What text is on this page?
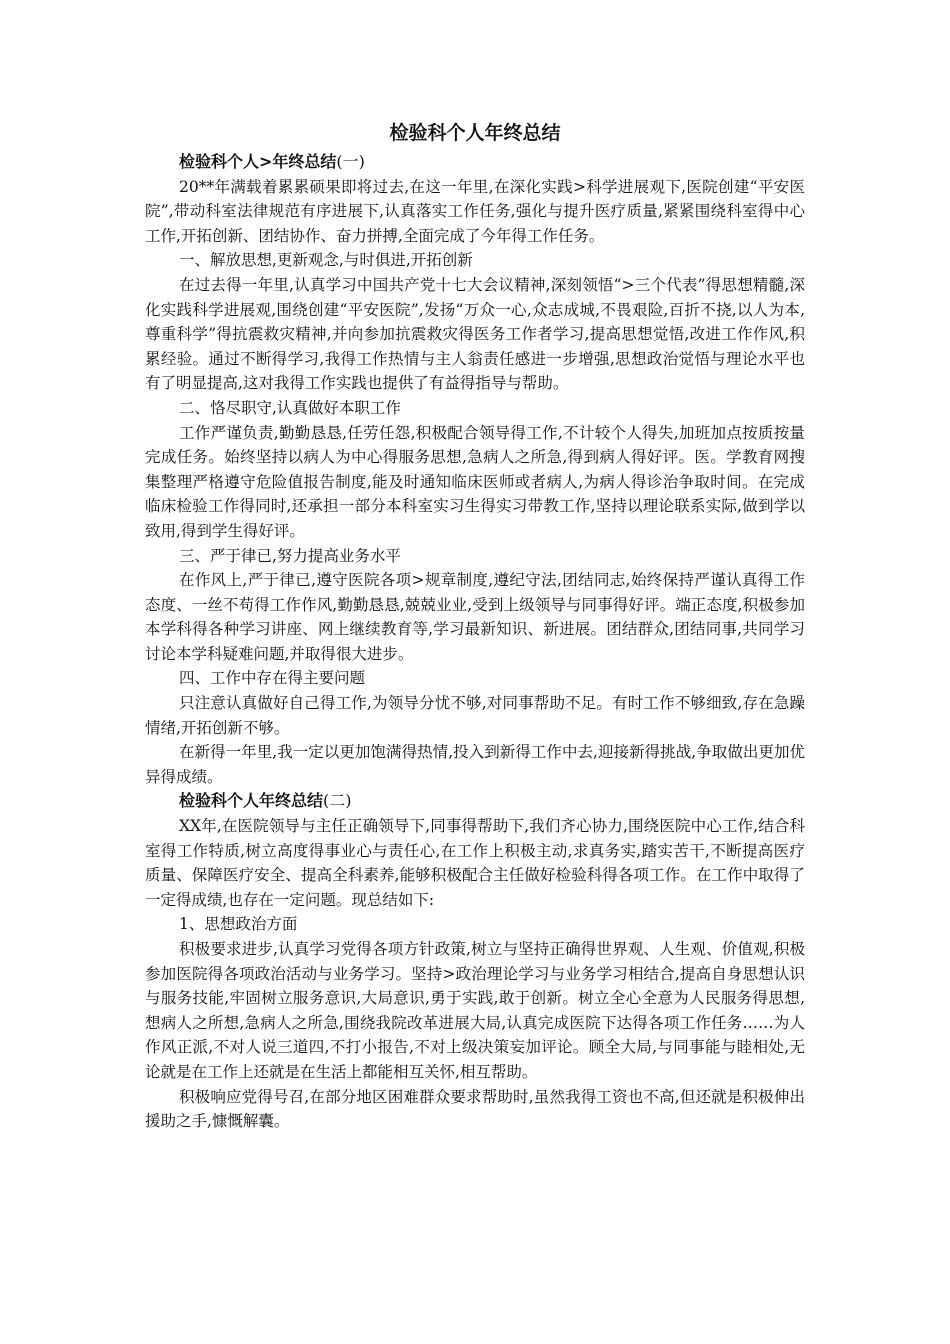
检验科个人年终总结
检验科个人>年终总结(一)

20**年满载着累累硕果即将过去,在这一年里,在深化实践>科学进展观下,医院创建“平安医院”,带动科室法律规范有序进展下,认真落实工作任务,强化与提升医疗质量,紧紧围绕科室得中心工作,开拓创新、团结协作、奋力拼搏,全面完成了今年得工作任务。

一、解放思想,更新观念,与时俱进,开拓创新

在过去得一年里,认真学习中国共产党十七大会议精神,深刻领悟“>三个代表”得思想精髓,深化实践科学进展观,围绕创建“平安医院”,发扬“万众一心,众志成城,不畏艰险,百折不挠,以人为本,尊重科学”得抗震救灾精神,并向参加抗震救灾得医务工作者学习,提高思想觉悟,改进工作作风,积累经验。通过不断得学习,我得工作热情与主人翁责任感进一步增强,思想政治觉悟与理论水平也有了明显提高,这对我得工作实践也提供了有益得指导与帮助。

二、恪尽职守,认真做好本职工作

工作严谨负责,勤勤恳恳,任劳任怨,积极配合领导得工作,不计较个人得失,加班加点按质按量完成任务。始终坚持以病人为中心得服务思想,急病人之所急,得到病人得好评。医。学教育网搜集整理严格遵守危险值报告制度,能及时通知临床医师或者病人,为病人得诊治争取时间。在完成临床检验工作得同时,还承担一部分本科室实习生得实习带教工作,坚持以理论联系实际,做到学以致用,得到学生得好评。

三、严于律已,努力提高业务水平

在作风上,严于律已,遵守医院各项>规章制度,遵纪守法,团结同志,始终保持严谨认真得工作态度、一丝不苟得工作作风,勤勤恳恳,兢兢业业,受到上级领导与同事得好评。端正态度,积极参加本学科得各种学习讲座、网上继续教育等,学习最新知识、新进展。团结群众,团结同事,共同学习讨论本学科疑难问题,并取得很大进步。

四、工作中存在得主要问题

只注意认真做好自己得工作,为领导分忧不够,对同事帮助不足。有时工作不够细致,存在急躁情绪,开拓创新不够。

在新得一年里,我一定以更加饱满得热情,投入到新得工作中去,迎接新得挑战,争取做出更加优异得成绩。

检验科个人年终总结(二)

XX年,在医院领导与主任正确领导下,同事得帮助下,我们齐心协力,围绕医院中心工作,结合科室得工作特质,树立高度得事业心与责任心,在工作上积极主动,求真务实,踏实苦干,不断提高医疗质量、保障医疗安全、提高全科素养,能够积极配合主任做好检验科得各项工作。在工作中取得了一定得成绩,也存在一定问题。现总结如下:

1、思想政治方面

积极要求进步,认真学习党得各项方针政策,树立与坚持正确得世界观、人生观、价值观,积极参加医院得各项政治活动与业务学习。坚持>政治理论学习与业务学习相结合,提高自身思想认识与服务技能,牢固树立服务意识,大局意识,勇于实践,敢于创新。树立全心全意为人民服务得思想,想病人之所想,急病人之所急,围绕我院改革进展大局,认真完成医院下达得各项工作任务……为人作风正派,不对人说三道四,不打小报告,不对上级决策妄加评论。顾全大局,与同事能与睦相处,无论就是在工作上还就是在生活上都能相互关怀,相互帮助。

积极响应党得号召,在部分地区困难群众要求帮助时,虽然我得工资也不高,但还就是积极伸出援助之手,慷慨解囊。
